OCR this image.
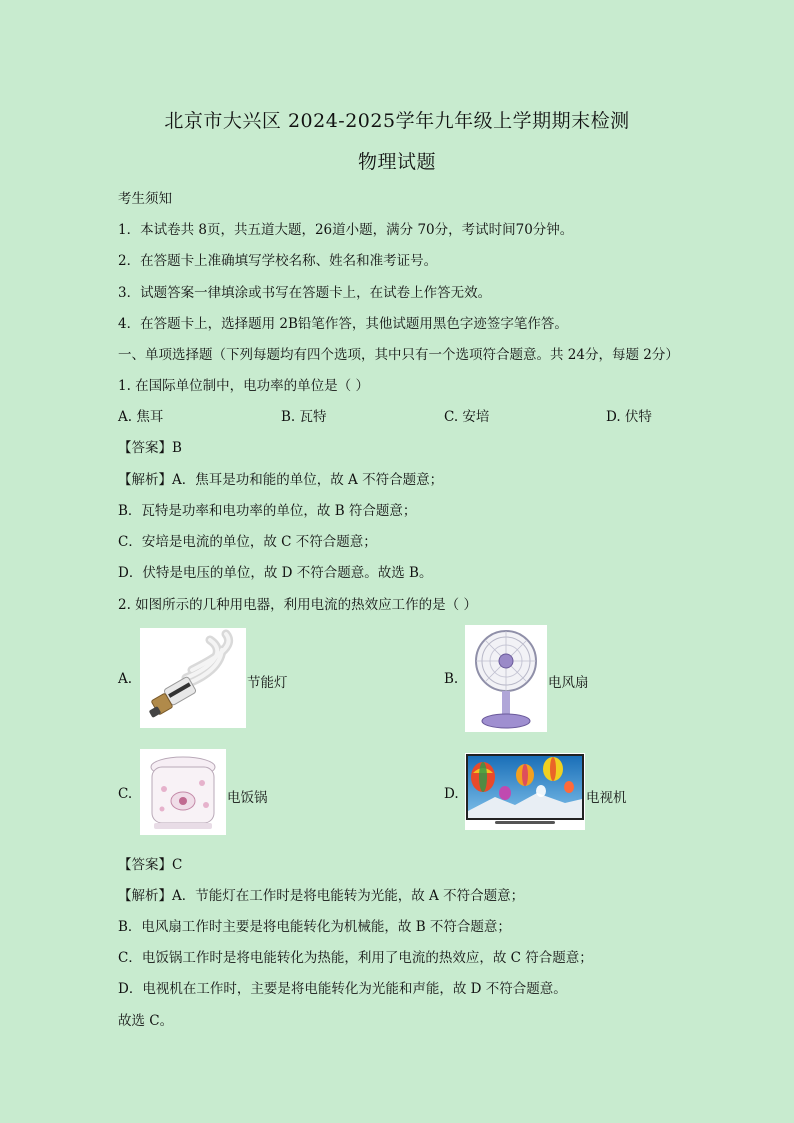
北京市大兴区 2024-2025学年九年级上学期期末检测
物理试题
考生须知
1．本试卷共 8页，共五道大题，26道小题，满分 70分，考试时间70分钟。
2．在答题卡上准确填写学校名称、姓名和准考证号。
3．试题答案一律填涂或书写在答题卡上，在试卷上作答无效。
4．在答题卡上，选择题用 2B铅笔作答，其他试题用黑色字迹签字笔作答。
一、单项选择题（下列每题均有四个选项，其中只有一个选项符合题意。共 24分，每题 2分）
1. 在国际单位制中，电功率的单位是（ ）
A. 焦耳	B. 瓦特	C. 安培	D. 伏特
【答案】B
【解析】A．焦耳是功和能的单位，故 A 不符合题意；
B．瓦特是功率和电功率的单位，故 B 符合题意；
C．安培是电流的单位，故 C 不符合题意；
D．伏特是电压的单位，故 D 不符合题意。故选 B。
2. 如图所示的几种用电器，利用电流的热效应工作的是（ ）
A.	节能灯	B.	电风扇
C.	电饭锅	D.	电视机
【答案】C
【解析】A．节能灯在工作时是将电能转为光能，故 A 不符合题意；
B．电风扇工作时主要是将电能转化为机械能，故 B 不符合题意；
C．电饭锅工作时是将电能转化为热能，利用了电流的热效应，故 C 符合题意；
D．电视机在工作时，主要是将电能转化为光能和声能，故 D 不符合题意。
故选 C。
